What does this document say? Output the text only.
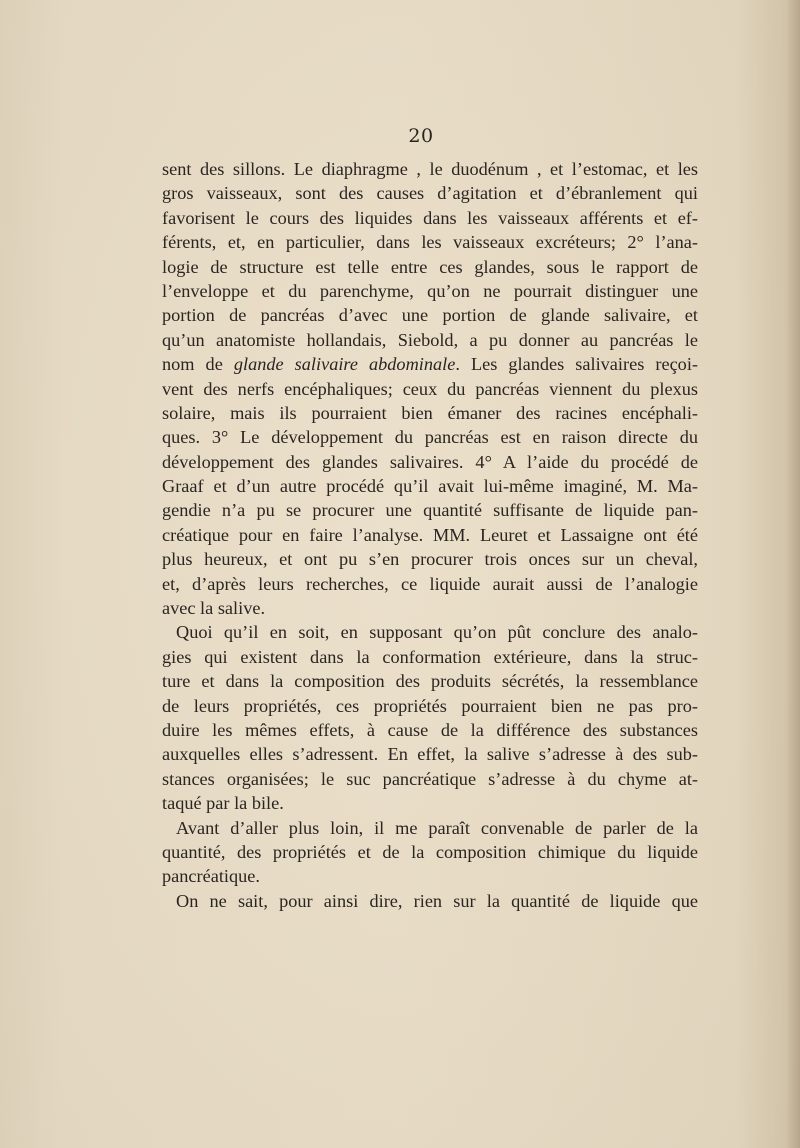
20
sent des sillons. Le diaphragme , le duodénum , et l’estomac, et les
gros vaisseaux, sont des causes d’agitation et d’ébranlement qui
favorisent le cours des liquides dans les vaisseaux afférents et ef-
férents, et, en particulier, dans les vaisseaux excréteurs; 2° l’ana-
logie de structure est telle entre ces glandes, sous le rapport de
l’enveloppe et du parenchyme, qu’on ne pourrait distinguer une
portion de pancréas d’avec une portion de glande salivaire, et
qu’un anatomiste hollandais, Siebold, a pu donner au pancréas le
nom de glande salivaire abdominale. Les glandes salivaires reçoi-
vent des nerfs encéphaliques; ceux du pancréas viennent du plexus
solaire, mais ils pourraient bien émaner des racines encéphali-
ques. 3° Le développement du pancréas est en raison directe du
développement des glandes salivaires. 4° A l’aide du procédé de
Graaf et d’un autre procédé qu’il avait lui-même imaginé, M. Ma-
gendie n’a pu se procurer une quantité suffisante de liquide pan-
créatique pour en faire l’analyse. MM. Leuret et Lassaigne ont été
plus heureux, et ont pu s’en procurer trois onces sur un cheval,
et, d’après leurs recherches, ce liquide aurait aussi de l’analogie
avec la salive.
Quoi qu’il en soit, en supposant qu’on pût conclure des analo-
gies qui existent dans la conformation extérieure, dans la struc-
ture et dans la composition des produits sécrétés, la ressemblance
de leurs propriétés, ces propriétés pourraient bien ne pas pro-
duire les mêmes effets, à cause de la différence des substances
auxquelles elles s’adressent. En effet, la salive s’adresse à des sub-
stances organisées; le suc pancréatique s’adresse à du chyme at-
taqué par la bile.
Avant d’aller plus loin, il me paraît convenable de parler de la
quantité, des propriétés et de la composition chimique du liquide
pancréatique.
On ne sait, pour ainsi dire, rien sur la quantité de liquide que
